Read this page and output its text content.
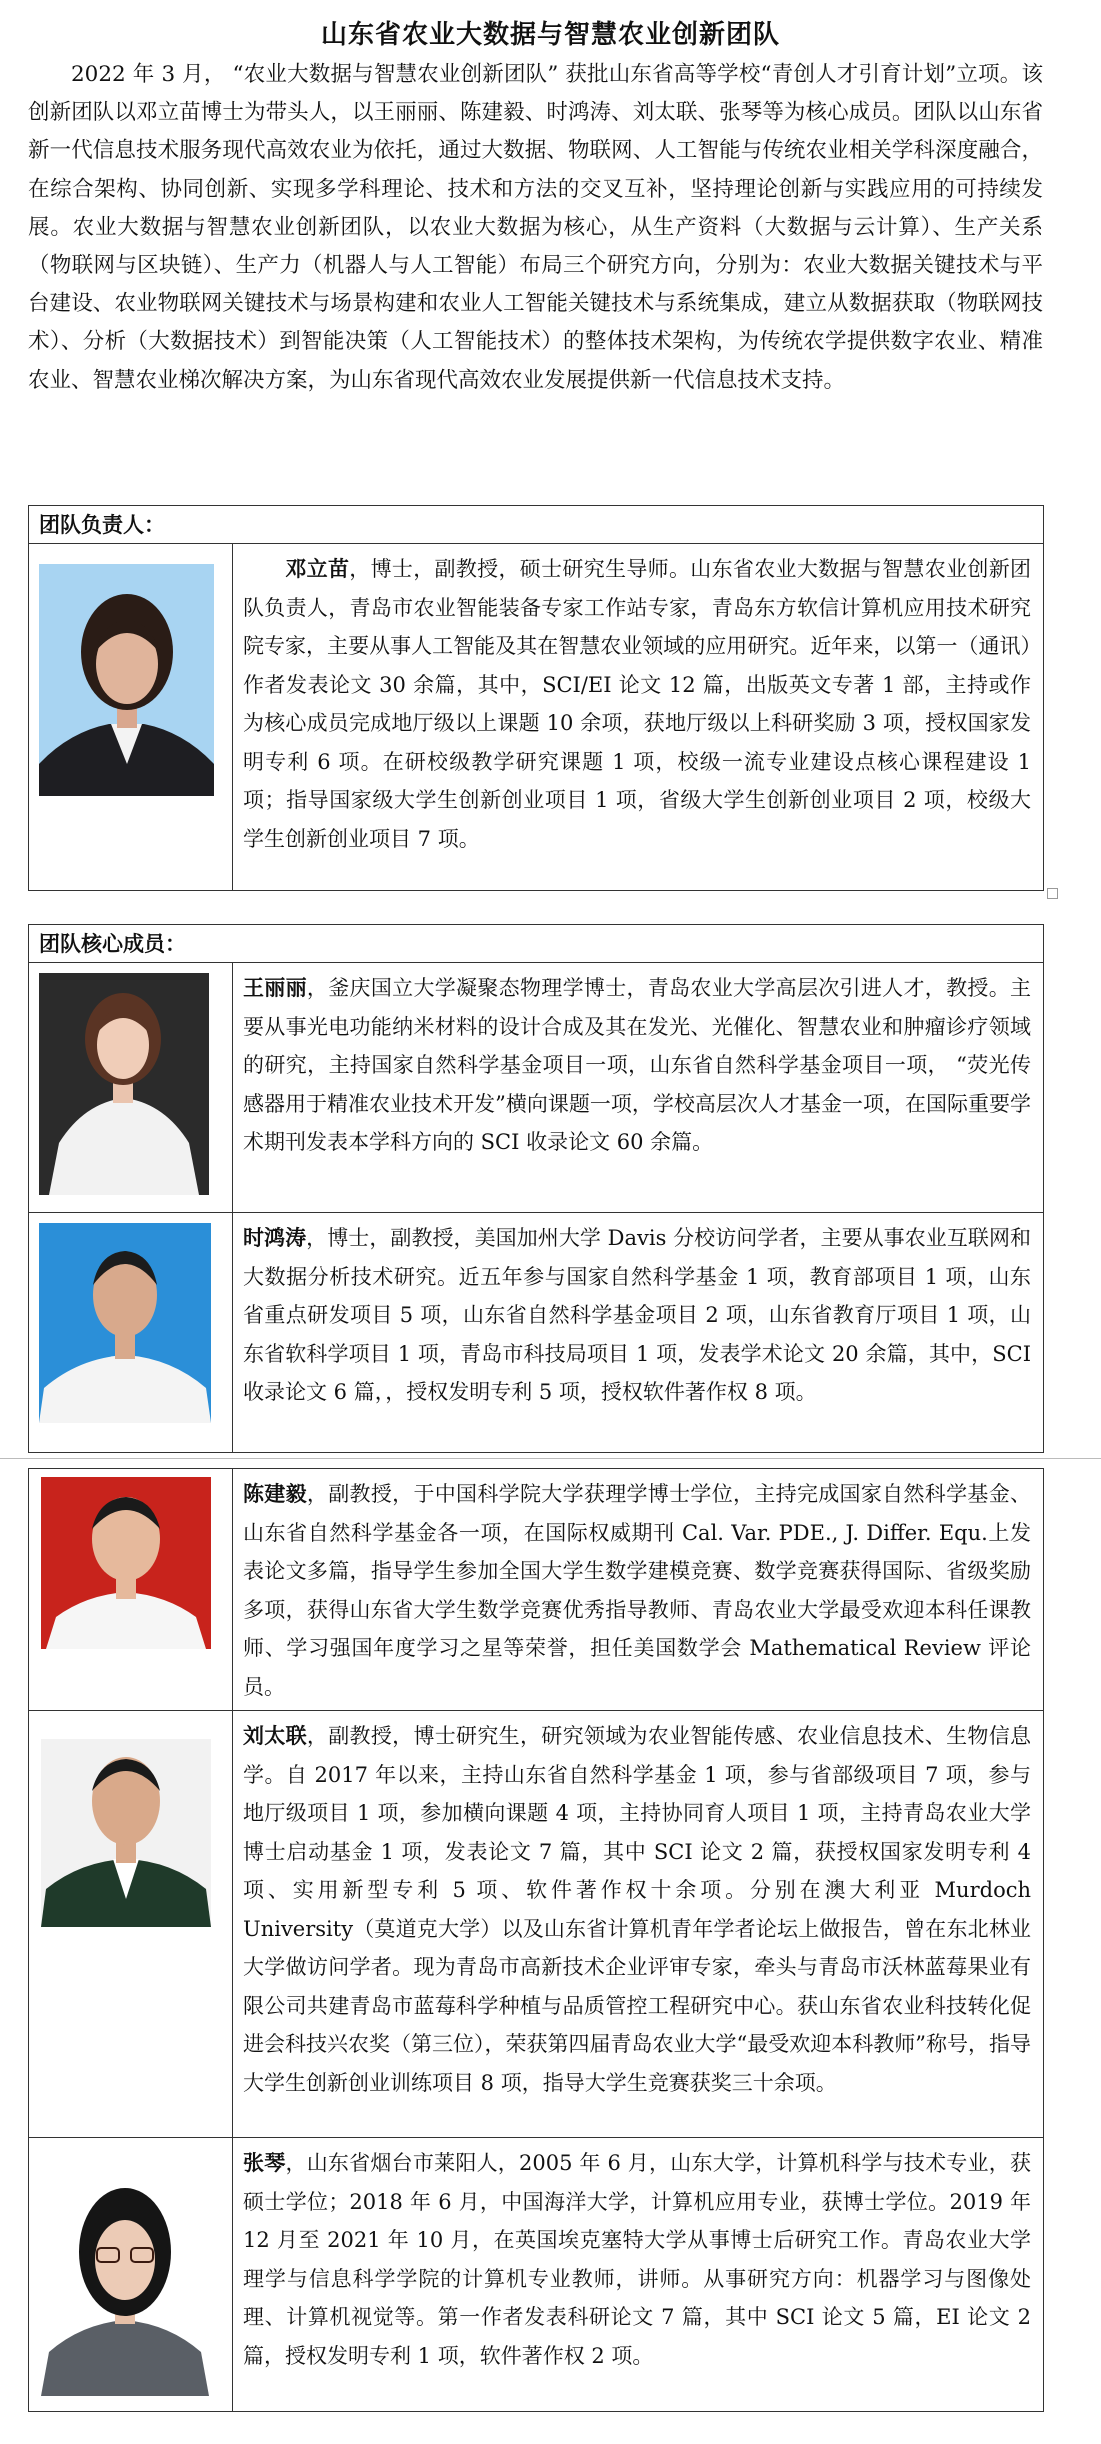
山东省农业大数据与智慧农业创新团队

2022 年 3 月， “农业大数据与智慧农业创新团队” 获批山东省高等学校“青创人才引育计划”立项。该创新团队以邓立苗博士为带头人，以王丽丽、陈建毅、时鸿涛、刘太联、张琴等为核心成员。团队以山东省新一代信息技术服务现代高效农业为依托，通过大数据、物联网、人工智能与传统农业相关学科深度融合，在综合架构、协同创新、实现多学科理论、技术和方法的交叉互补，坚持理论创新与实践应用的可持续发展。农业大数据与智慧农业创新团队，以农业大数据为核心，从生产资料（大数据与云计算）、生产关系（物联网与区块链）、生产力（机器人与人工智能）布局三个研究方向，分别为：农业大数据关键技术与平台建设、农业物联网关键技术与场景构建和农业人工智能关键技术与系统集成，建立从数据获取（物联网技术）、分析（大数据技术）到智能决策（人工智能技术）的整体技术架构，为传统农学提供数字农业、精准农业、智慧农业梯次解决方案，为山东省现代高效农业发展提供新一代信息技术支持。

团队负责人：
邓立苗，博士，副教授，硕士研究生导师。山东省农业大数据与智慧农业创新团队负责人，青岛市农业智能装备专家工作站专家，青岛东方软信计算机应用技术研究院专家，主要从事人工智能及其在智慧农业领域的应用研究。近年来，以第一（通讯）作者发表论文 30 余篇，其中，SCI/EI 论文 12 篇，出版英文专著 1 部，主持或作为核心成员完成地厅级以上课题 10 余项，获地厅级以上科研奖励 3 项，授权国家发明专利 6 项。在研校级教学研究课题 1 项，校级一流专业建设点核心课程建设 1 项；指导国家级大学生创新创业项目 1 项，省级大学生创新创业项目 2 项，校级大学生创新创业项目 7 项。
团队核心成员：
王丽丽，釜庆国立大学凝聚态物理学博士，青岛农业大学高层次引进人才，教授。主要从事光电功能纳米材料的设计合成及其在发光、光催化、智慧农业和肿瘤诊疗领域的研究，主持国家自然科学基金项目一项，山东省自然科学基金项目一项， “荧光传感器用于精准农业技术开发”横向课题一项，学校高层次人才基金一项，在国际重要学术期刊发表本学科方向的 SCI 收录论文 60 余篇。
时鸿涛，博士，副教授，美国加州大学 Davis 分校访问学者，主要从事农业互联网和大数据分析技术研究。近五年参与国家自然科学基金 1 项，教育部项目 1 项，山东省重点研发项目 5 项，山东省自然科学基金项目 2 项，山东省教育厅项目 1 项，山东省软科学项目 1 项，青岛市科技局项目 1 项，发表学术论文 20 余篇，其中，SCI 收录论文 6 篇，，授权发明专利 5 项，授权软件著作权 8 项。
陈建毅，副教授，于中国科学院大学获理学博士学位，主持完成国家自然科学基金、山东省自然科学基金各一项，在国际权威期刊 Cal. Var. PDE., J. Differ. Equ.上发表论文多篇，指导学生参加全国大学生数学建模竞赛、数学竞赛获得国际、省级奖励多项，获得山东省大学生数学竞赛优秀指导教师、青岛农业大学最受欢迎本科任课教师、学习强国年度学习之星等荣誉，担任美国数学会 Mathematical Review 评论员。
刘太联，副教授，博士研究生，研究领域为农业智能传感、农业信息技术、生物信息学。自 2017 年以来，主持山东省自然科学基金 1 项，参与省部级项目 7 项，参与地厅级项目 1 项，参加横向课题 4 项，主持协同育人项目 1 项，主持青岛农业大学博士启动基金 1 项，发表论文 7 篇，其中 SCI 论文 2 篇，获授权国家发明专利 4 项、实用新型专利 5 项、软件著作权十余项。分别在澳大利亚 Murdoch University（莫道克大学）以及山东省计算机青年学者论坛上做报告，曾在东北林业大学做访问学者。现为青岛市高新技术企业评审专家，牵头与青岛市沃林蓝莓果业有限公司共建青岛市蓝莓科学种植与品质管控工程研究中心。获山东省农业科技转化促进会科技兴农奖（第三位），荣获第四届青岛农业大学“最受欢迎本科教师”称号，指导大学生创新创业训练项目 8 项，指导大学生竞赛获奖三十余项。
张琴，山东省烟台市莱阳人，2005 年 6 月，山东大学，计算机科学与技术专业，获硕士学位；2018 年 6 月，中国海洋大学，计算机应用专业，获博士学位。2019 年 12 月至 2021 年 10 月，在英国埃克塞特大学从事博士后研究工作。青岛农业大学理学与信息科学学院的计算机专业教师，讲师。从事研究方向：机器学习与图像处理、计算机视觉等。第一作者发表科研论文 7 篇，其中 SCI 论文 5 篇，EI 论文 2 篇，授权发明专利 1 项，软件著作权 2 项。
